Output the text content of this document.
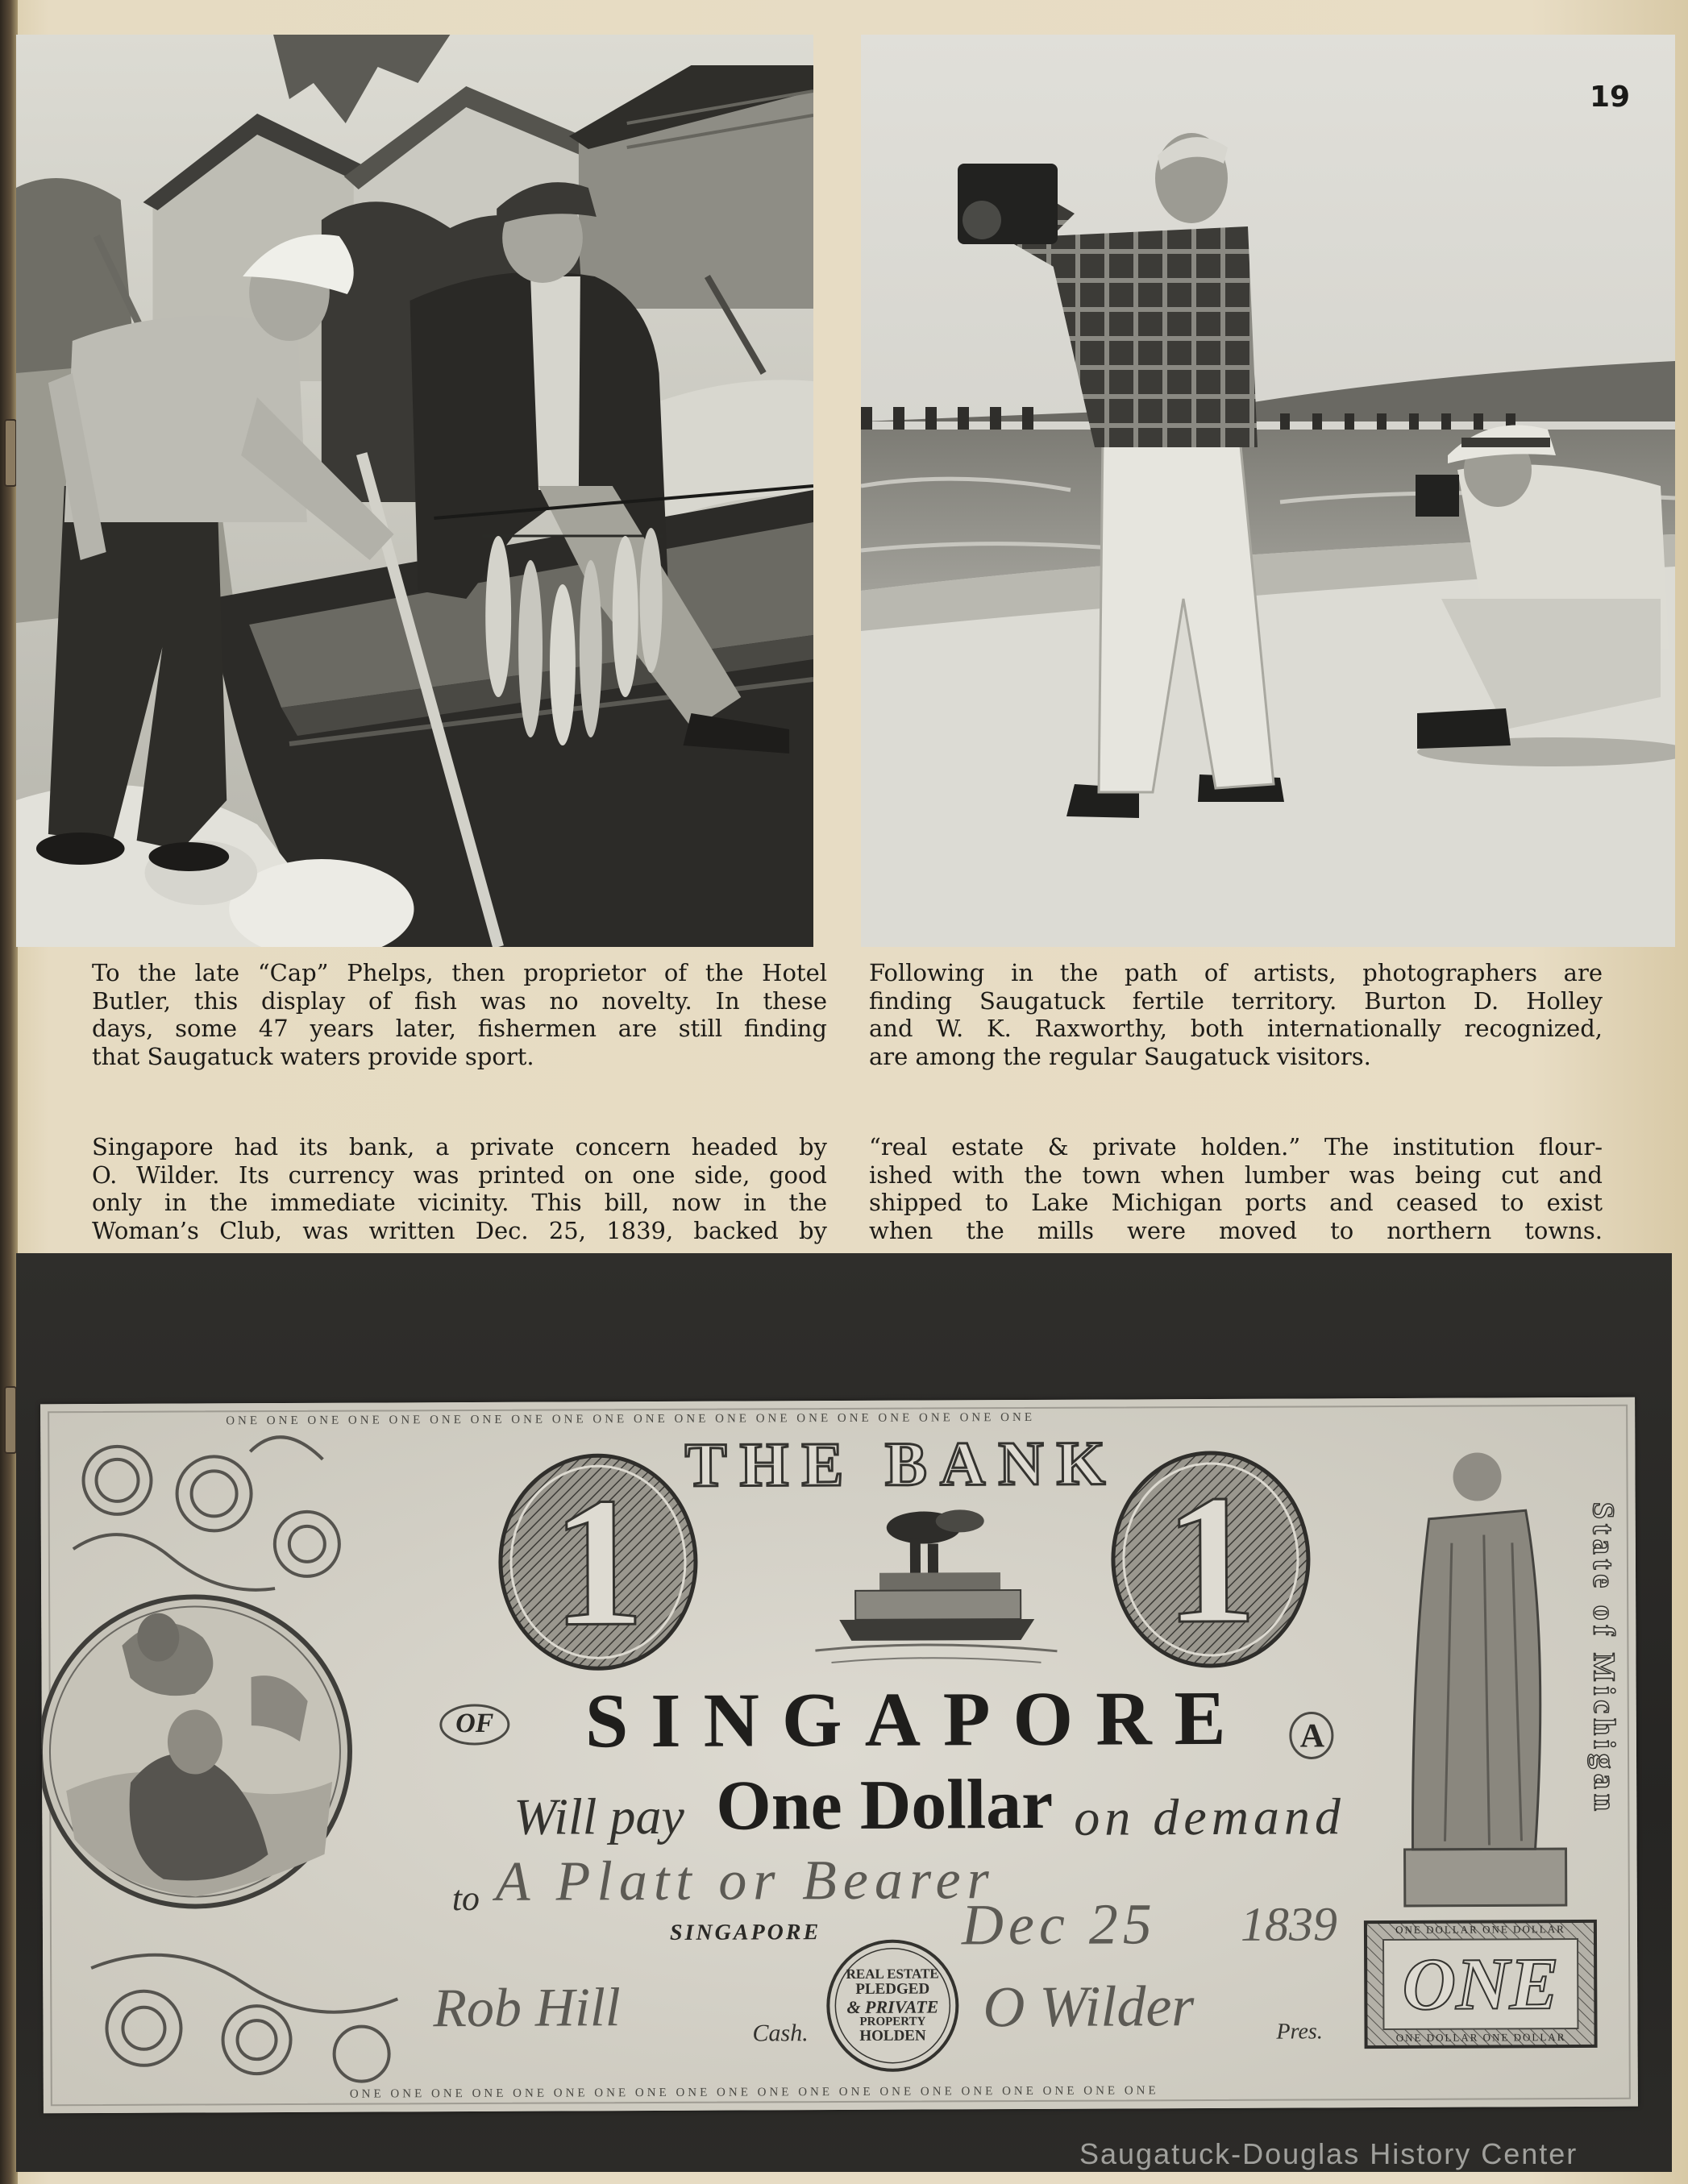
19
To the late “Cap” Phelps, then proprietor of the Hotel
Butler, this display of fish was no novelty. In these
days, some 47 years later, fishermen are still finding
that Saugatuck waters provide sport.
Following in the path of artists, photographers are
finding Saugatuck fertile territory. Burton D. Holley
and W. K. Raxworthy, both internationally recognized,
are among the regular Saugatuck visitors.
Singapore had its bank, a private concern headed by
O. Wilder. Its currency was printed on one side, good
only in the immediate vicinity. This bill, now in the
Woman’s Club, was written Dec. 25, 1839, backed by
“real estate & private holden.” The institution flour-
ished with the town when lumber was being cut and
shipped to Lake Michigan ports and ceased to exist
when the mills were moved to northern towns.
ONE ONE ONE ONE ONE ONE ONE ONE ONE ONE ONE ONE ONE ONE ONE ONE ONE ONE ONE ONE
ONE ONE ONE ONE ONE ONE ONE ONE ONE ONE ONE ONE ONE ONE ONE ONE ONE ONE ONE ONE
THE BANK
1	1
OF SINGAPORE A
Will pay One Dollar on demand
to A Platt or Bearer
SINGAPORE Dec 25 1839
Rob Hill	Cash.	O Wilder	Pres.
REAL ESTATE
PLEDGED
& PRIVATE
PROPERTY
HOLDEN
ONE DOLLAR ONE DOLLAR
ONE
ONE DOLLAR ONE DOLLAR
State of Michigan
Saugatuck-Douglas History Center
